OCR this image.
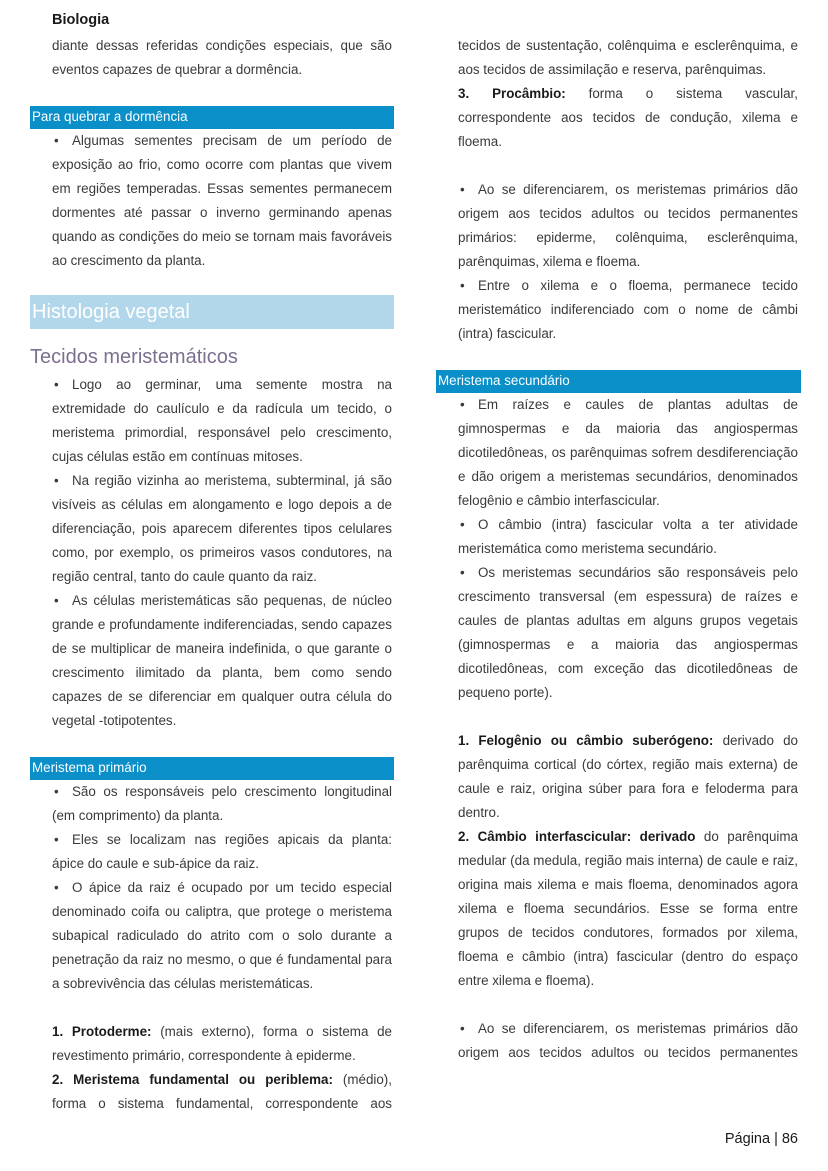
Biologia

diante dessas referidas condições especiais, que são eventos capazes de quebrar a dormência.

Para quebrar a dormência

• Algumas sementes precisam de um período de exposição ao frio, como ocorre com plantas que vivem em regiões temperadas. Essas sementes permanecem dormentes até passar o inverno germinando apenas quando as condições do meio se tornam mais favoráveis ao crescimento da planta.

Histologia vegetal
Tecidos meristemáticos

• Logo ao germinar, uma semente mostra na extremidade do caulículo e da radícula um tecido, o meristema primordial, responsável pelo crescimento, cujas células estão em contínuas mitoses.

• Na região vizinha ao meristema, subterminal, já são visíveis as células em alongamento e logo depois a de diferenciação, pois aparecem diferentes tipos celulares como, por exemplo, os primeiros vasos condutores, na região central, tanto do caule quanto da raiz.

• As células meristemáticas são pequenas, de núcleo grande e profundamente indiferenciadas, sendo capazes de se multiplicar de maneira indefinida, o que garante o crescimento ilimitado da planta, bem como sendo capazes de se diferenciar em qualquer outra célula do vegetal -totipotentes.

Meristema primário

• São os responsáveis pelo crescimento longitudinal (em comprimento) da planta.

• Eles se localizam nas regiões apicais da planta: ápice do caule e sub-ápice da raiz.

• O ápice da raiz é ocupado por um tecido especial denominado coifa ou caliptra, que protege o meristema subapical radiculado do atrito com o solo durante a penetração da raiz no mesmo, o que é fundamental para a sobrevivência das células meristemáticas.

1. Protoderme: (mais externo), forma o sistema de revestimento primário, correspondente à epiderme.

2. Meristema fundamental ou periblema: (médio), forma o sistema fundamental, correspondente aos

tecidos de sustentação, colênquima e esclerênquima, e aos tecidos de assimilação e reserva, parênquimas.

3. Procâmbio: forma o sistema vascular, correspondente aos tecidos de condução, xilema e floema.

• Ao se diferenciarem, os meristemas primários dão origem aos tecidos adultos ou tecidos permanentes primários: epiderme, colênquima, esclerênquima, parênquimas, xilema e floema.

• Entre o xilema e o floema, permanece tecido meristemático indiferenciado com o nome de câmbi (intra) fascicular.

Meristema secundário

• Em raízes e caules de plantas adultas de gimnospermas e da maioria das angiospermas dicotiledôneas, os parênquimas sofrem desdiferenciação e dão origem a meristemas secundários, denominados felogênio e câmbio interfascicular.

• O câmbio (intra) fascicular volta a ter atividade meristemática como meristema secundário.

• Os meristemas secundários são responsáveis pelo crescimento transversal (em espessura) de raízes e caules de plantas adultas em alguns grupos vegetais (gimnospermas e a maioria das angiospermas dicotiledôneas, com exceção das dicotiledôneas de pequeno porte).

1. Felogênio ou câmbio suberógeno: derivado do parênquima cortical (do córtex, região mais externa) de caule e raiz, origina súber para fora e feloderma para dentro.

2. Câmbio interfascicular: derivado do parênquima medular (da medula, região mais interna) de caule e raiz, origina mais xilema e mais floema, denominados agora xilema e floema secundários. Esse se forma entre grupos de tecidos condutores, formados por xilema, floema e câmbio (intra) fascicular (dentro do espaço entre xilema e floema).

• Ao se diferenciarem, os meristemas primários dão origem aos tecidos adultos ou tecidos permanentes

Página | 86
